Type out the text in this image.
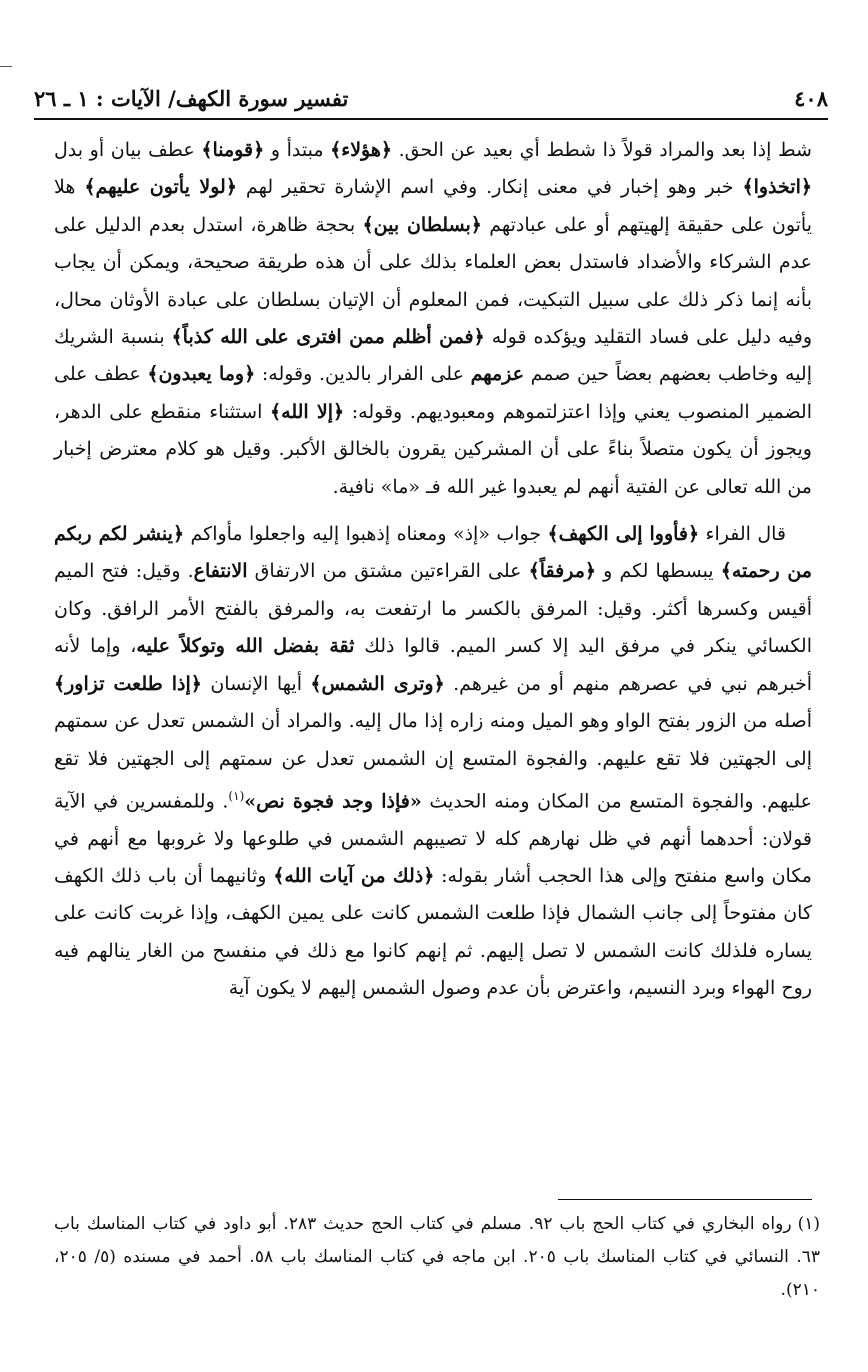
٤٠٨
تفسير سورة الكهف/ الآيات : ١ ـ ٢٦

شط إذا بعد والمراد قولاً ذا شطط أي بعيد عن الحق. ﴿هؤلاء﴾ مبتدأ و ﴿قومنا﴾ عطف بيان أو بدل ﴿اتخذوا﴾ خبر وهو إخبار في معنى إنكار. وفي اسم الإشارة تحقير لهم ﴿لولا يأتون عليهم﴾ هلا يأتون على حقيقة إلهيتهم أو على عبادتهم ﴿بسلطان بين﴾ بحجة ظاهرة، استدل بعدم الدليل على عدم الشركاء والأضداد فاستدل بعض العلماء بذلك على أن هذه طريقة صحيحة، ويمكن أن يجاب بأنه إنما ذكر ذلك على سبيل التبكيت، فمن المعلوم أن الإتيان بسلطان على عبادة الأوثان محال، وفيه دليل على فساد التقليد ويؤكده قوله ﴿فمن أظلم ممن افترى على الله كذباً﴾ بنسبة الشريك إليه وخاطب بعضهم بعضاً حين صمم عزمهم على الفرار بالدين. وقوله: ﴿وما يعبدون﴾ عطف على الضمير المنصوب يعني وإذا اعتزلتموهم ومعبوديهم. وقوله: ﴿إلا الله﴾ استثناء منقطع على الدهر، ويجوز أن يكون متصلاً بناءً على أن المشركين يقرون بالخالق الأكبر. وقيل هو كلام معترض إخبار من الله تعالى عن الفتية أنهم لم يعبدوا غير الله فـ «ما» نافية.

قال الفراء ﴿فأووا إلى الكهف﴾ جواب «إذ» ومعناه إذهبوا إليه واجعلوا مأواكم ﴿ينشر لكم ربكم من رحمته﴾ يبسطها لكم و ﴿مرفقاً﴾ على القراءتين مشتق من الارتفاق الانتفاع. وقيل: فتح الميم أقيس وكسرها أكثر. وقيل: المرفق بالكسر ما ارتفعت به، والمرفق بالفتح الأمر الرافق. وكان الكسائي ينكر في مرفق اليد إلا كسر الميم. قالوا ذلك ثقة بفضل الله وتوكلاً عليه، وإما لأنه أخبرهم نبي في عصرهم منهم أو من غيرهم. ﴿وترى الشمس﴾ أيها الإنسان ﴿إذا طلعت تزاور﴾ أصله من الزور بفتح الواو وهو الميل ومنه زاره إذا مال إليه. والمراد أن الشمس تعدل عن سمتهم إلى الجهتين فلا تقع عليهم. والفجوة المتسع إن الشمس تعدل عن سمتهم إلى الجهتين فلا تقع عليهم. والفجوة المتسع من المكان ومنه الحديث «فإذا وجد فجوة نص»$^{(١)}$. وللمفسرين في الآية قولان: أحدهما أنهم في ظل نهارهم كله لا تصيبهم الشمس في طلوعها ولا غروبها مع أنهم في مكان واسع منفتح وإلى هذا الحجب أشار بقوله: ﴿ذلك من آيات الله﴾ وثانيهما أن باب ذلك الكهف كان مفتوحاً إلى جانب الشمال فإذا طلعت الشمس كانت على يمين الكهف، وإذا غربت كانت على يساره فلذلك كانت الشمس لا تصل إليهم. ثم إنهم كانوا مع ذلك في منفسح من الغار ينالهم فيه روح الهواء وبرد النسيم، واعترض بأن عدم وصول الشمس إليهم لا يكون آية

(١)رواه البخاري في كتاب الحج باب ٩٢. مسلم في كتاب الحج حديث ٢٨٣. أبو داود في كتاب المناسك باب ٦٣. النسائي في كتاب المناسك باب ٢٠٥. ابن ماجه في كتاب المناسك باب ٥٨. أحمد في مسنده (٥/ ٢٠٥، ٢١٠).
